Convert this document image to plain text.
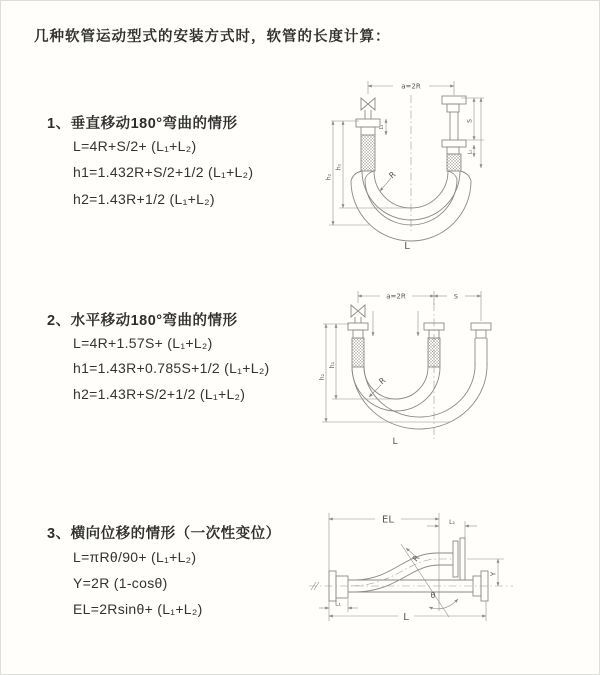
几种软管运动型式的安装方式时，软管的长度计算：
1、垂直移动180°弯曲的情形
L=4R+S/2+ (L₁+L₂)
h1=1.432R+S/2+1/2 (L₁+L₂)
h2=1.43R+1/2 (L₁+L₂)
2、水平移动180°弯曲的情形
L=4R+1.57S+ (L₁+L₂)
h1=1.43R+0.785S+1/2 (L₁+L₂)
h2=1.43R+S/2+1/2 (L₁+L₂)
3、横向位移的情形（一次性变位）
L=πRθ/90+ (L₁+L₂)
Y=2R (1-cosθ)
EL=2Rsinθ+ (L₁+L₂)
a=2R
R
h₁
h₂
L₁
S
L₂
L
a=2R	S
R
h₁
h₂
L
EL	L₂
Y
R
θ
L
L₁
